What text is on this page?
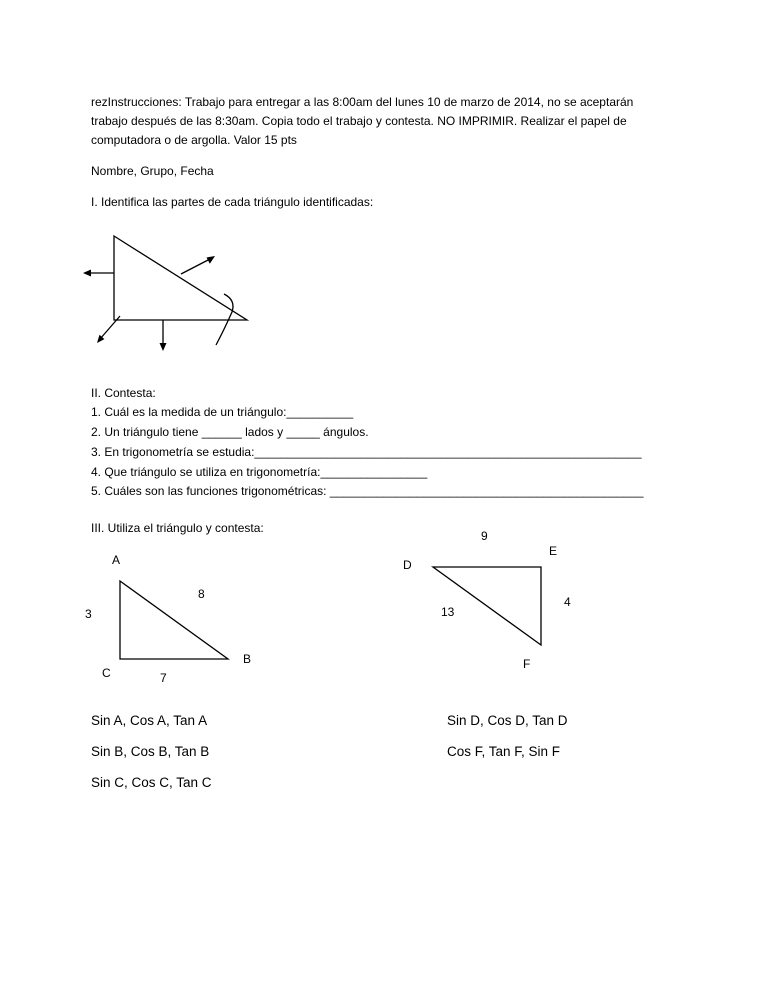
rezInstrucciones: Trabajo para entregar a las 8:00am del lunes 10 de marzo de 2014, no se aceptarán
trabajo después de las 8:30am. Copia todo el trabajo y contesta. NO IMPRIMIR. Realizar el papel de
computadora o de argolla. Valor 15 pts
Nombre, Grupo, Fecha
I. Identifica las partes de cada triángulo identificadas:
II. Contesta:
1. Cuál es la medida de un triángulo:__________
2. Un triángulo tiene ______ lados y _____ ángulos.
3. En trigonometría se estudia:__________________________________________________________
4. Que triángulo se utiliza en trigonometría:________________
5. Cuáles son las funciones trigonométricas: _______________________________________________
III. Utiliza el triángulo y contesta:
A
B
C
3
8
7
D
E
F
9
4
13
Sin A, Cos A, Tan A
Sin B, Cos B, Tan B
Sin C, Cos C, Tan C
Sin D, Cos D, Tan D
Cos F, Tan F, Sin F
